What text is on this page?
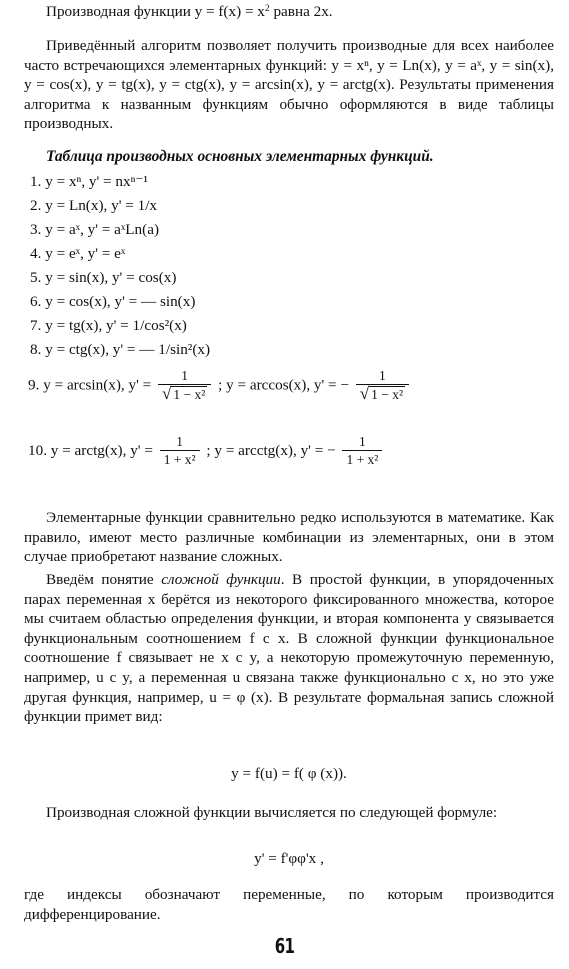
Производная функции $y = f(x) = x^2$ равна 2x.

Приведённый алгоритм позволяет получить производные для всех наиболее часто встречающихся элементарных функций: y = xⁿ, y = Ln(x), y = aˣ, y = sin(x), y = cos(x), y = tg(x), y = ctg(x), y = arcsin(x), y = arctg(x). Результаты применения алгоритма к названным функциям обычно оформляются в виде таблицы производных.

Таблица производных основных элементарных функций.

1. y = xⁿ, y' = nxⁿ⁻¹
2. y = Ln(x), y' = 1/x
3. y = aˣ, y' = aˣLn(a)
4. y = eˣ, y' = eˣ
5. y = sin(x), y' = cos(x)
6. y = cos(x), y' = — sin(x)
7. y = tg(x), y' = 1/cos²(x)
8. y = ctg(x), y' = — 1/sin²(x)
9. y = arcsin(x), $y' = \frac{1}{\text{√ 1 − x²}}$ ; y = arccos(x), y' = − $\frac{1}{\text{√ 1 − x²}}$
10. y = arctg(x), $y' = \frac{1}{\text{1 + x²}}$ ; y = arcctg(x), y' = − $\frac{1}{\text{1 + x²}}$

Элементарные функции сравнительно редко используются в математике. Как правило, имеют место различные комбинации из элементарных, они в этом случае приобретают название сложных.

Введём понятие сложной функции. В простой функции, в упорядоченных парах переменная x берётся из некоторого фиксированного множества, которое мы считаем областью определения функции, и вторая компонента y связывается функциональным соотношением f с x. В сложной функции функциональное соотношение f связывает не x с y, а некоторую промежуточную переменную, например, u с y, а переменная u связана также функционально с x, но это уже другая функция, например, u = φ (x). В результате формальная запись сложной функции примет вид:

y = f(u) = f( φ (x)).

Производная сложной функции вычисляется по следующей формуле:

y' = f'φφ'x ,

где индексы обозначают переменные, по которым производится дифференцирование.

61
